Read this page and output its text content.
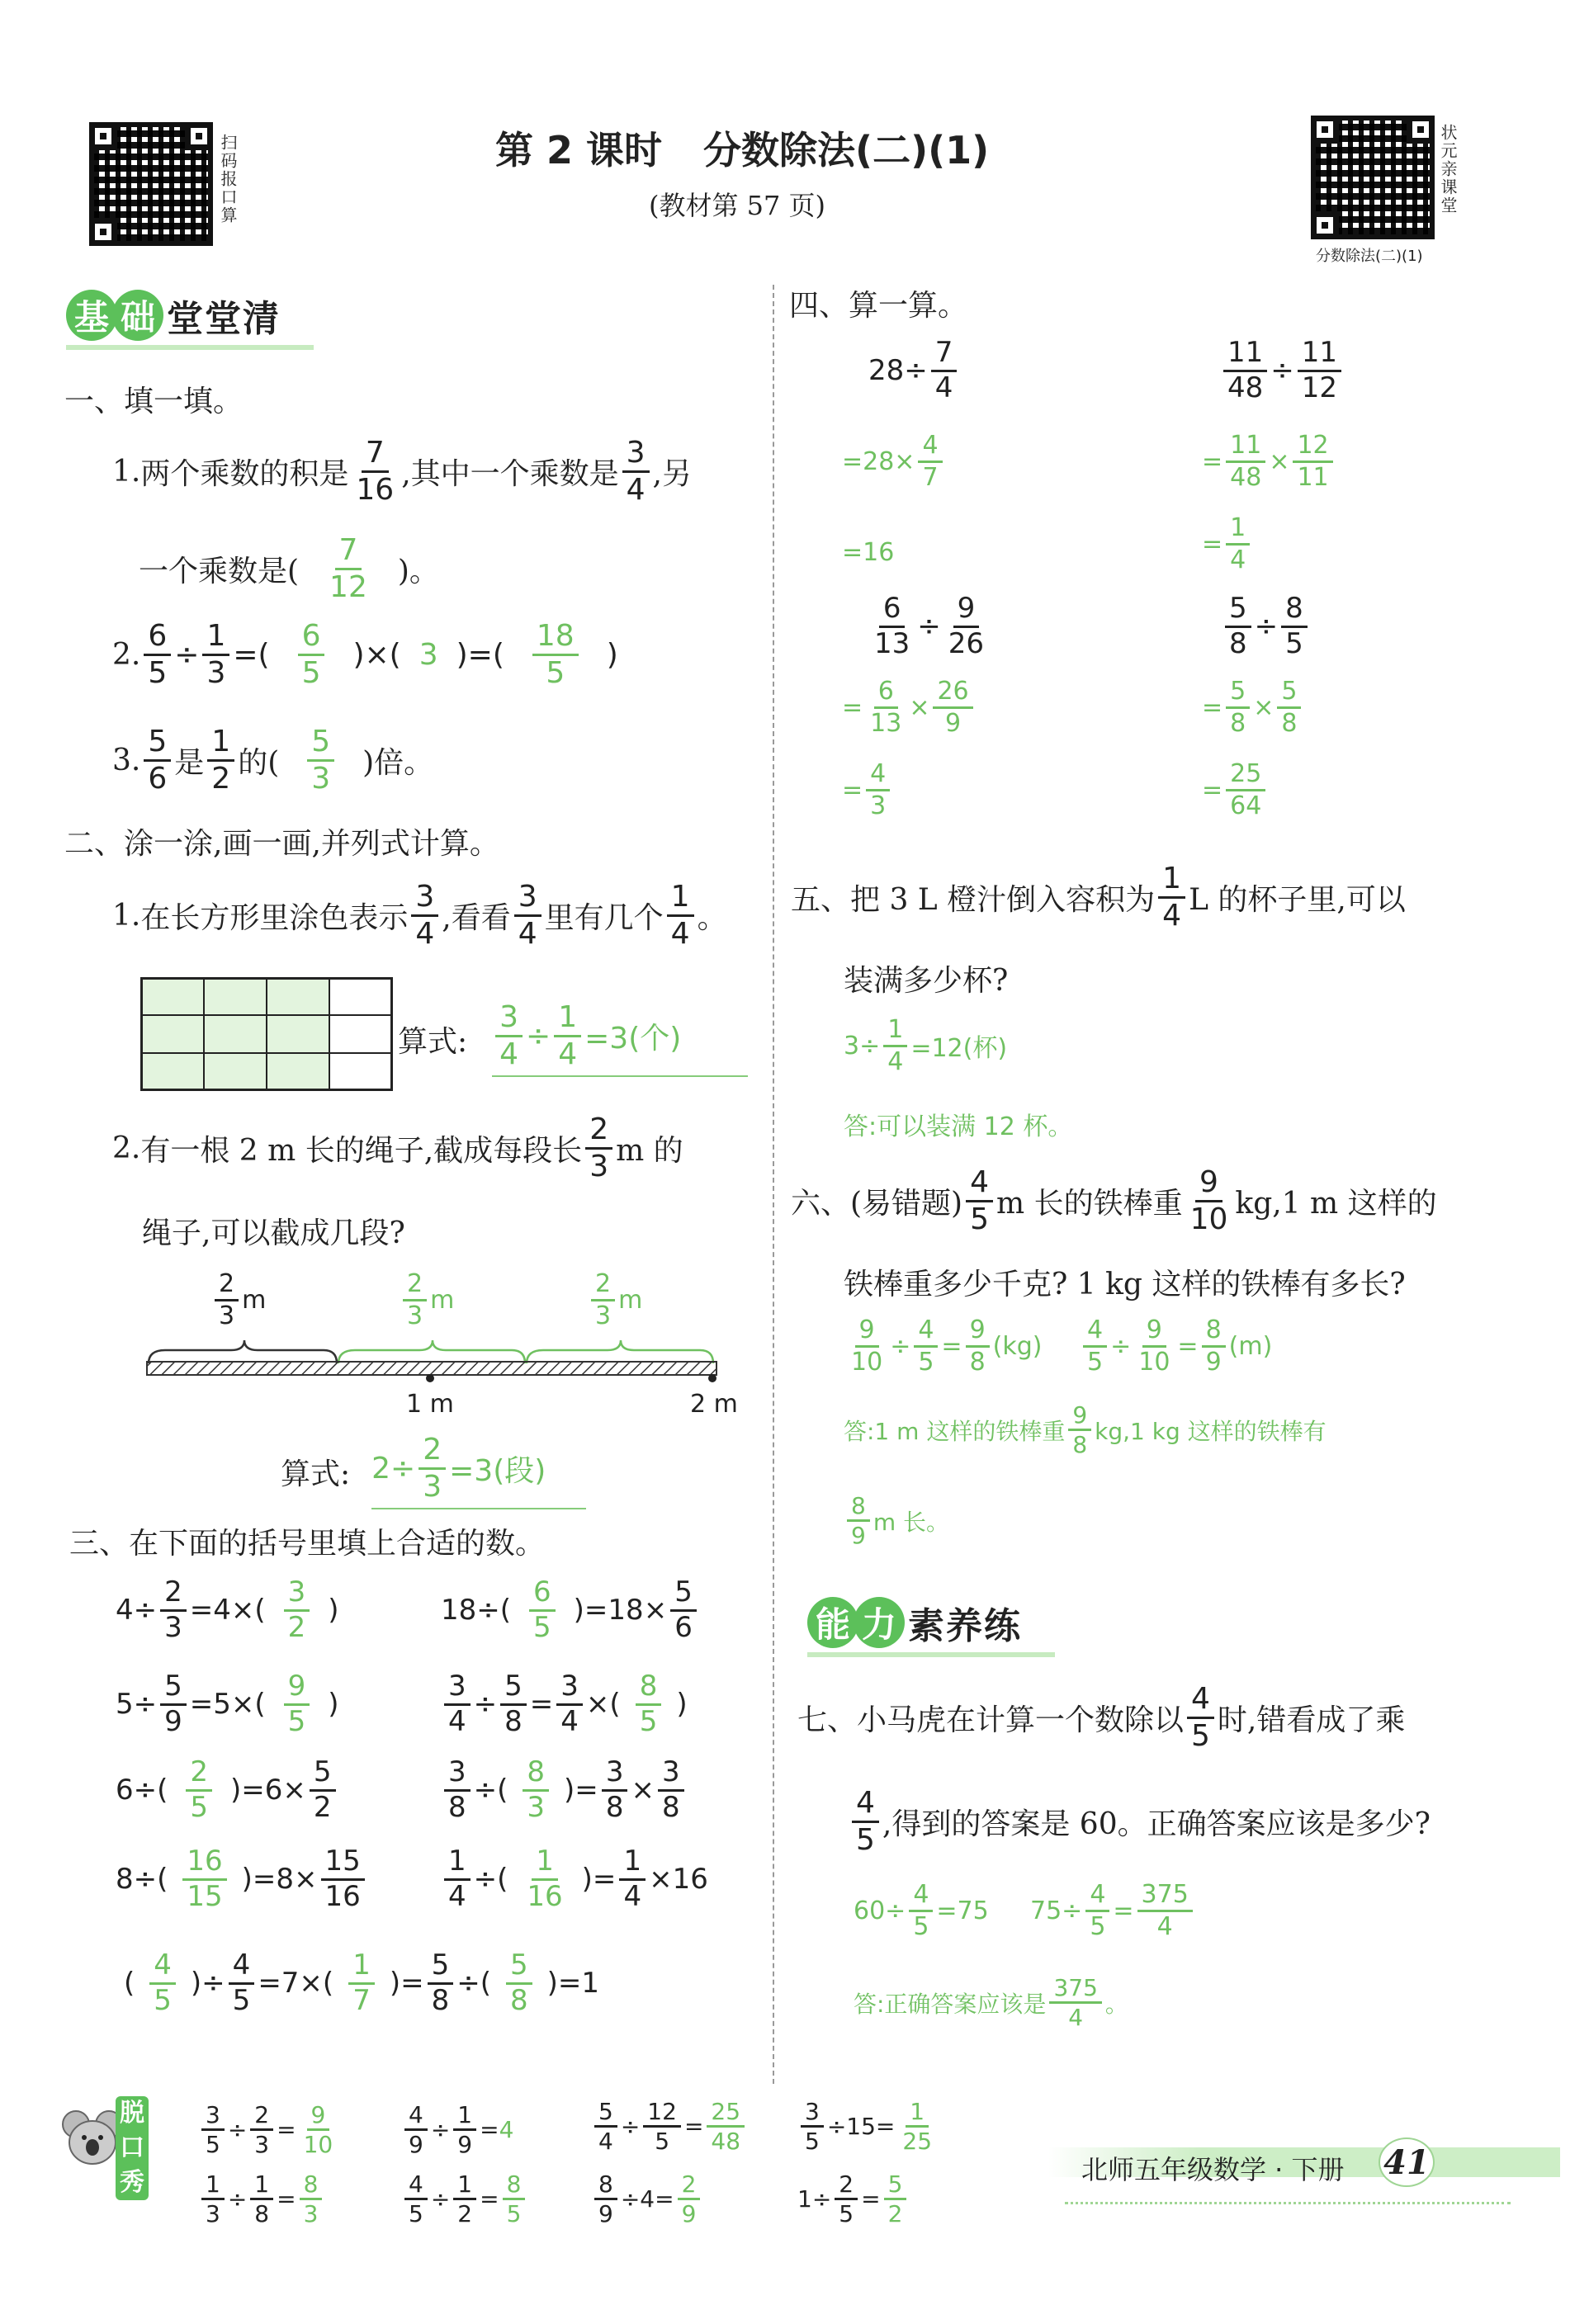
扫码报口算	第 2 课时 分数除法(二)(1)
(教材第 57 页)	状元亲课堂
分数除法(二)(1)
基 础 堂堂清
一、填一填。
1. 两个乘数的积是
7
16 ,其中一个乘数是
3
4 ,另
一个乘数是(
7
12 )。
2. $\frac{6}{5} \div \frac{1}{3}$ =(
6
5
)×( 3 )=(
18
5
)
3.
5
6 是
1
2 的(
5
3 )倍。
二、涂一涂,画一画,并列式计算。
1. 在长方形里涂色表示
3
4 ,看看
3
4 里有几个
1
4 。
算式: $\frac{3}{4} \div \frac{1}{4} =3$(个)
2. 有一根 2 m 长的绳子,截成每段长
2
3 m 的
绳子,可以截成几段?
2
3
m
2
3
m
2
3
m
1 m	2 m
算式: $2\div \frac{2}{3} =3$(段)
三、在下面的括号里填上合适的数。
$4\div \frac{2}{3} =4\times$(
3
2
)	18÷(
6
5
)$=18\times \frac{5}{6}$
$5\div \frac{5}{9} =5\times$(
9
5
)	$\frac{3}{4} \div \frac{5}{8} = \frac{3}{4}$ ×(
8
5
)
6÷(
2
5
)$=6\times \frac{5}{2}$	$\frac{3}{8}$ ÷(
8
3
)= $\frac{3}{8} \times \frac{3}{8}$
8÷(
16
15
)$=8\times \frac{15}{16}$	$\frac{1}{4}$ ÷(
1
16
)= $\frac{1}{4} \times 16$
(
4
5
)÷ $\frac{4}{5} =7\times$(
1
7
)= $\frac{5}{8}$ ÷(
5
8
)=1
四、算一算。
$28\div \frac{7}{4}$
$=28\times \frac{4}{7}$
=16
$\frac{11}{48} \div \frac{11}{12}$
= $\frac{11}{48} \times \frac{12}{11}$
= $\frac{1}{4}$
$\frac{6}{13} \div \frac{9}{26}$
= $\frac{6}{13} \times \frac{26}{9}$
= $\frac{4}{3}$
$\frac{5}{8} \div \frac{8}{5}$
= $\frac{5}{8} \times \frac{5}{8}$
= $\frac{25}{64}$
五、把 3 L 橙汁倒入容积为
1
4 L 的杯子里,可以
装满多少杯?
$3\div \frac{1}{4} =12$(杯)
答:可以装满 12 杯。
六、(易错题)
4
5 m 长的铁棒重
9
10 kg,1 m 这样的
铁棒重多少千克? 1 kg 这样的铁棒有多长?
$\frac{9}{10} \div \frac{4}{5} = \frac{9}{8} (kg) \frac{4}{5} \div \frac{9}{10} = \frac{8}{9} (m)$
答:1 m 这样的铁棒重
9
8 kg,1 kg 这样的铁棒有
8
9 m 长。
能 力 素养练
七、小马虎在计算一个数除以
4
5 时,错看成了乘
4
5 ,得到的答案是 60。正确答案应该是多少?
$60\div \frac{4}{5} =75$ $75\div \frac{4}{5} = \frac{375}{4}$
答:正确答案应该是
375
4 。
脱
口
秀
$\frac{3}{5} \div \frac{2}{3} = \frac{9}{10}$
$\frac{1}{3} \div \frac{1}{8} = \frac{8}{3}$
$\frac{4}{9} \div \frac{1}{9} = 4$
$\frac{4}{5} \div \frac{1}{2} = \frac{8}{5}$
$\frac{5}{4} \div \frac{12}{5} = \frac{25}{48}$
$\frac{8}{9} \div 4 = \frac{2}{9}$
$\frac{3}{5} \div 15 = \frac{1}{25}$
$1\div \frac{2}{5} = \frac{5}{2}$
北师五年级数学 · 下册 41
